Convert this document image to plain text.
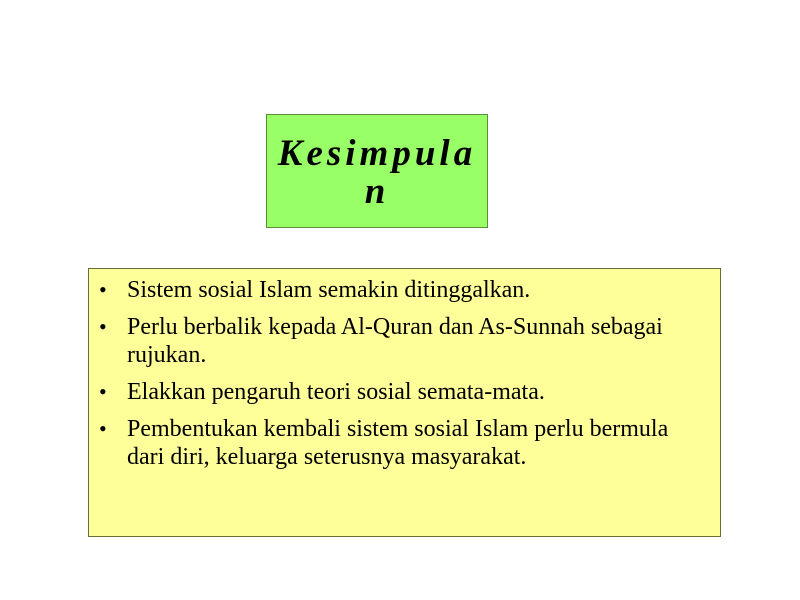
Kesimpulan
• Sistem sosial Islam semakin ditinggalkan.
• Perlu berbalik kepada Al-Quran dan As-Sunnah sebagai rujukan.
• Elakkan pengaruh teori sosial semata-mata.
• Pembentukan kembali sistem sosial Islam perlu bermula dari diri, keluarga seterusnya masyarakat.
